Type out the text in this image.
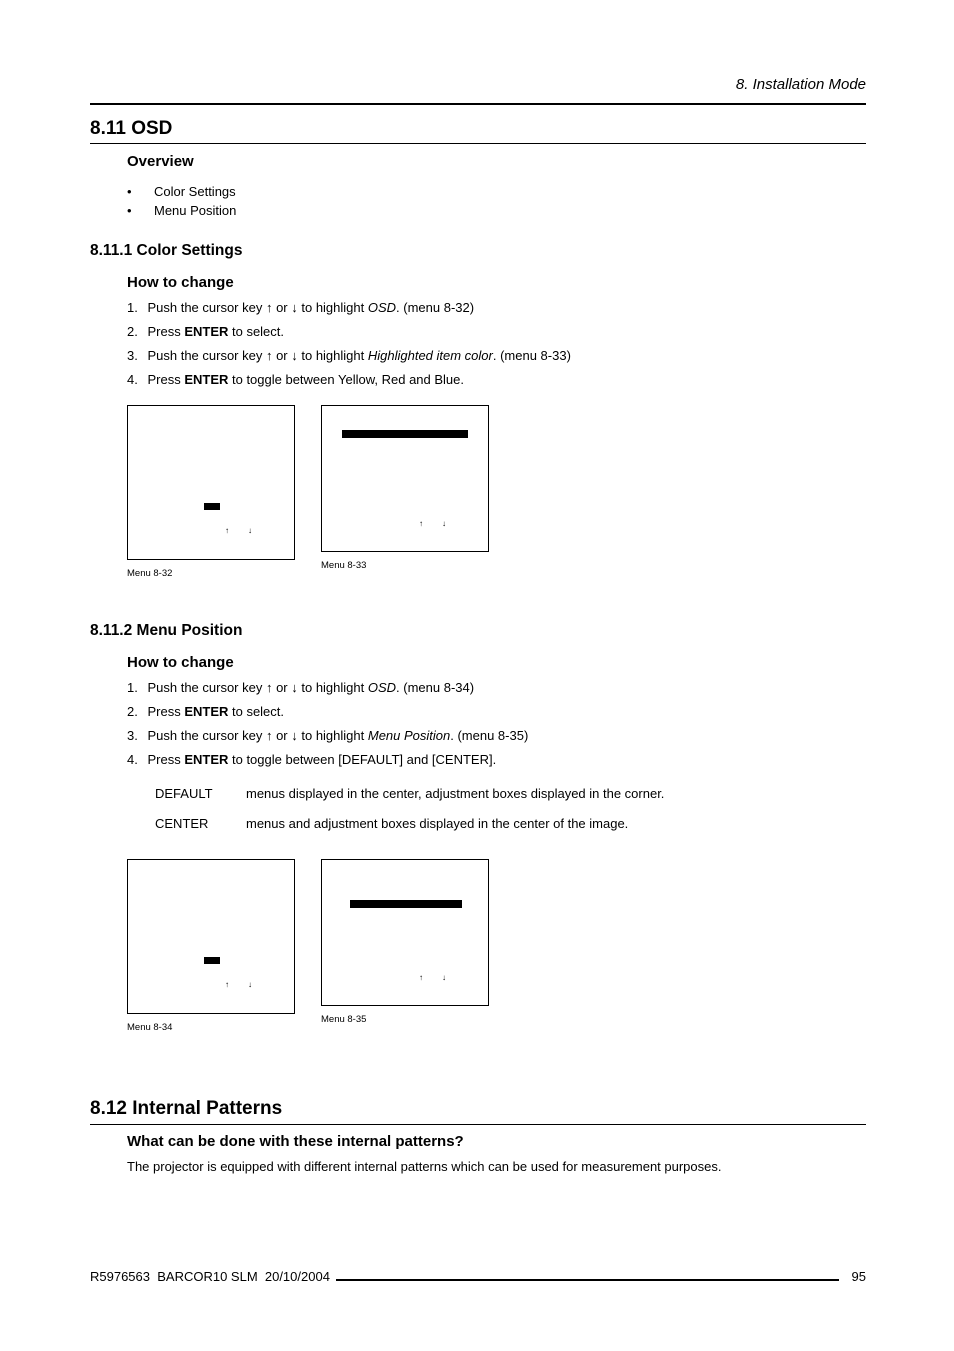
8. Installation Mode
8.11 OSD
Overview
• Color Settings
• Menu Position
8.11.1 Color Settings
How to change
1. Push the cursor key ↑ or ↓ to highlight OSD. (menu 8-32)
2. Press ENTER to select.
3. Push the cursor key ↑ or ↓ to highlight Highlighted item color. (menu 8-33)
4. Press ENTER to toggle between Yellow, Red and Blue.
↑ ↓
Menu 8-32
↑ ↓
Menu 8-33
8.11.2 Menu Position
How to change
1. Push the cursor key ↑ or ↓ to highlight OSD. (menu 8-34)
2. Press ENTER to select.
3. Push the cursor key ↑ or ↓ to highlight Menu Position. (menu 8-35)
4. Press ENTER to toggle between [DEFAULT] and [CENTER].
DEFAULT	menus displayed in the center, adjustment boxes displayed in the corner.
CENTER	menus and adjustment boxes displayed in the center of the image.
↑ ↓
Menu 8-34
↑ ↓
Menu 8-35
8.12 Internal Patterns
What can be done with these internal patterns?
The projector is equipped with different internal patterns which can be used for measurement purposes.
R5976563  BARCOR10 SLM  20/10/2004	95
